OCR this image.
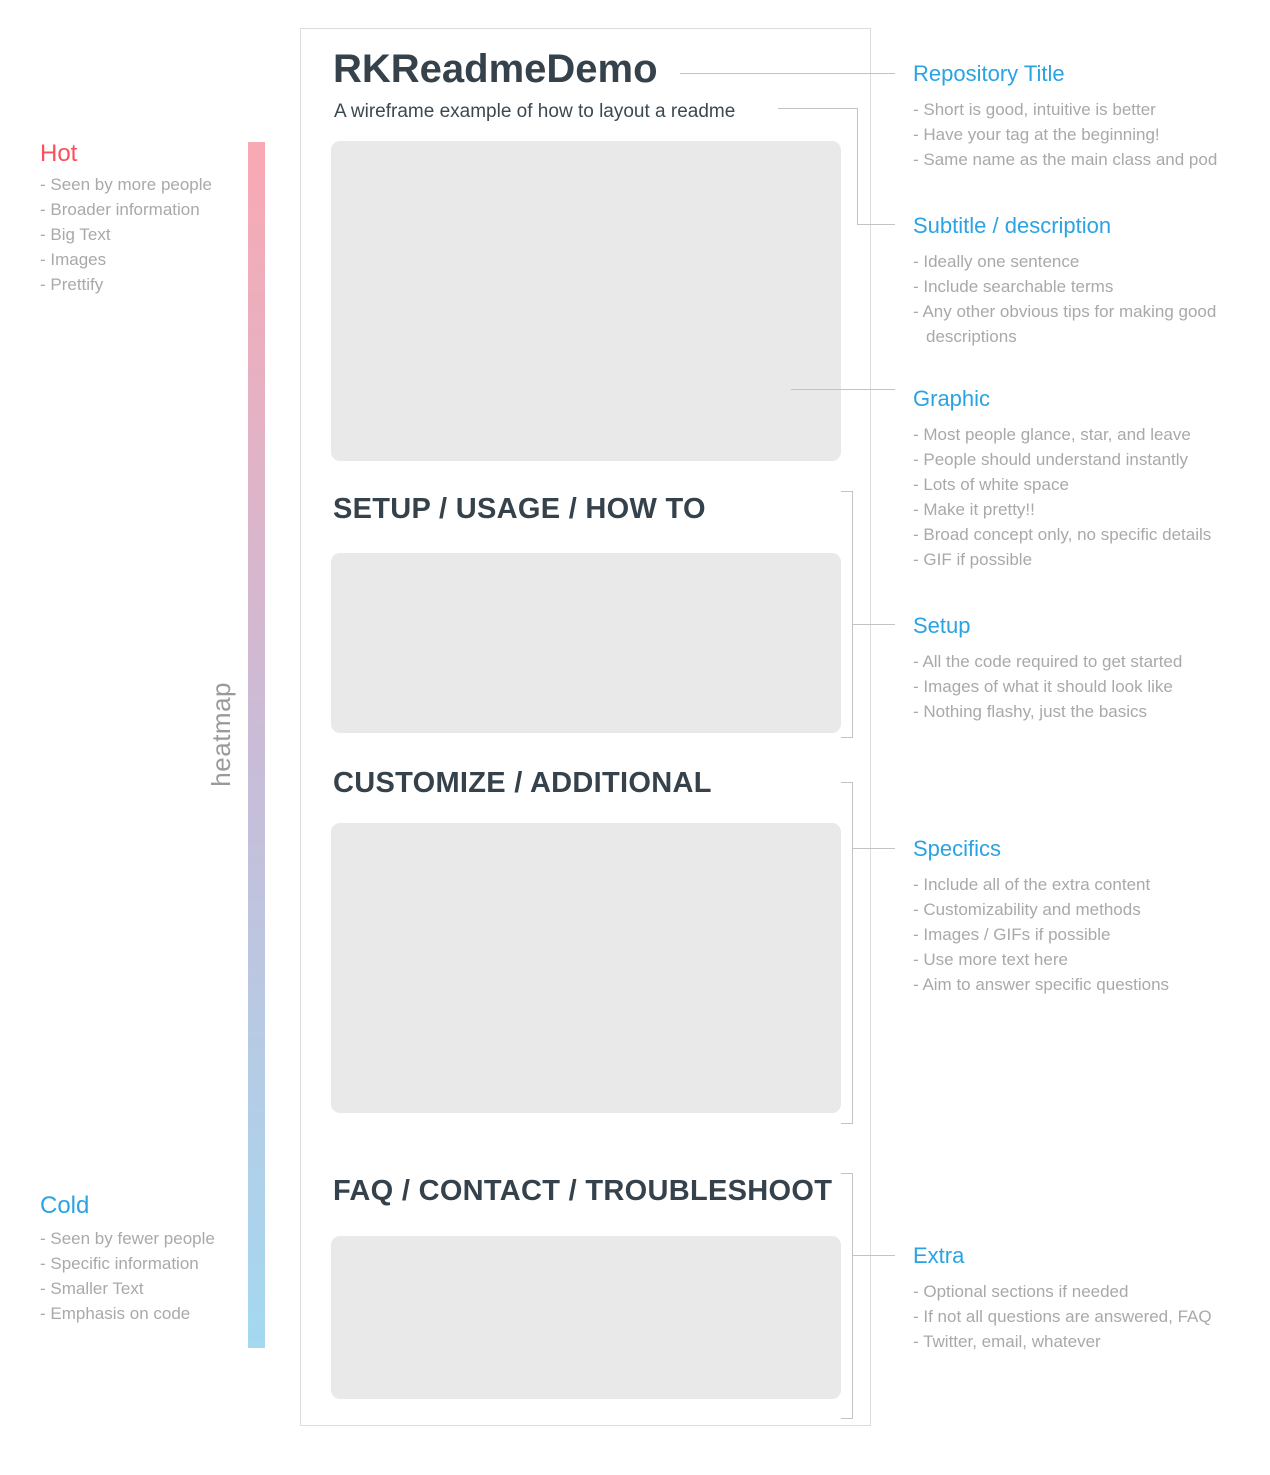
Hot
- Seen by more people
- Broader information
- Big Text
- Images
- Prettify
heatmap
Cold
- Seen by fewer people
- Specific information
- Smaller Text
- Emphasis on code
RKReadmeDemo
A wireframe example of how to layout a readme
SETUP / USAGE / HOW TO
CUSTOMIZE / ADDITIONAL
FAQ / CONTACT / TROUBLESHOOT
Repository Title
- Short is good, intuitive is better
- Have your tag at the beginning!
- Same name as the main class and pod
Subtitle / description
- Ideally one sentence
- Include searchable terms
- Any other obvious tips for making good descriptions
Graphic
- Most people glance, star, and leave
- People should understand instantly
- Lots of white space
- Make it pretty!!
- Broad concept only, no specific details
- GIF if possible
Setup
- All the code required to get started
- Images of what it should look like
- Nothing flashy, just the basics
Specifics
- Include all of the extra content
- Customizability and methods
- Images / GIFs if possible
- Use more text here
- Aim to answer specific questions
Extra
- Optional sections if needed
- If not all questions are answered, FAQ
- Twitter, email, whatever
